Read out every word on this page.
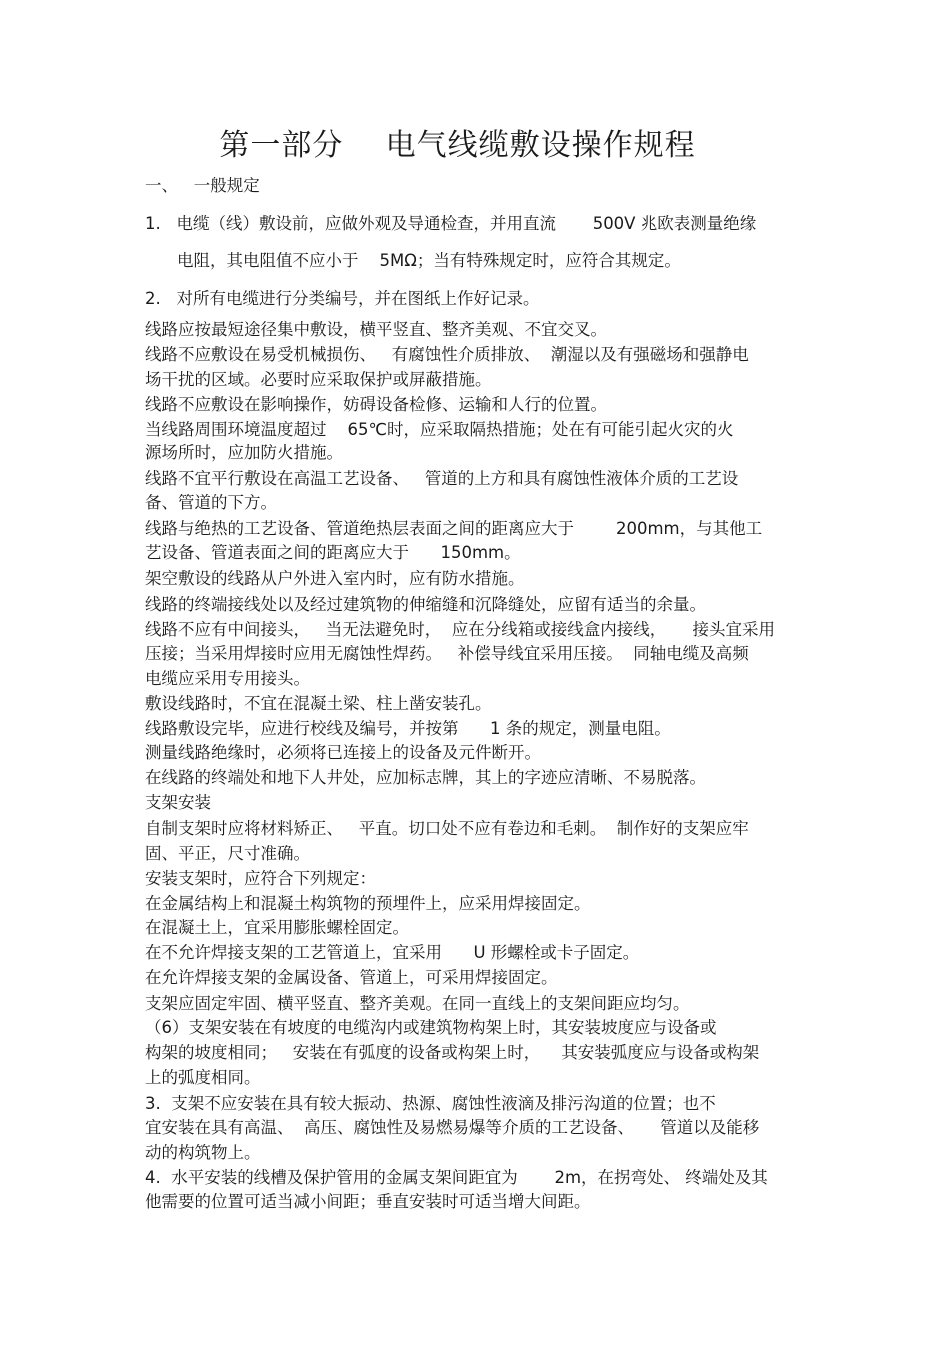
第一部分    电气线缆敷设操作规程
一、   一般规定
1.   电缆（线）敷设前，应做外观及导通检查，并用直流       500V 兆欧表测量绝缘
电阻，其电阻值不应小于    5MΩ；当有特殊规定时，应符合其规定。
2.   对所有电缆进行分类编号，并在图纸上作好记录。
线路应按最短途径集中敷设，横平竖直、整齐美观、不宜交叉。
线路不应敷设在易受机械损伤、   有腐蚀性介质排放、  潮湿以及有强磁场和强静电
场干扰的区域。必要时应采取保护或屏蔽措施。
线路不应敷设在影响操作，妨碍设备检修、运输和人行的位置。
当线路周围环境温度超过    65℃时，应采取隔热措施；处在有可能引起火灾的火
源场所时，应加防火措施。
线路不宜平行敷设在高温工艺设备、   管道的上方和具有腐蚀性液体介质的工艺设
备、管道的下方。
线路与绝热的工艺设备、管道绝热层表面之间的距离应大于        200mm，与其他工
艺设备、管道表面之间的距离应大于      150mm。
架空敷设的线路从户外进入室内时，应有防水措施。
线路的终端接线处以及经过建筑物的伸缩缝和沉降缝处，应留有适当的余量。
线路不应有中间接头，   当无法避免时，  应在分线箱或接线盒内接线，     接头宜采用
压接；当采用焊接时应用无腐蚀性焊药。   补偿导线宜采用压接。  同轴电缆及高频
电缆应采用专用接头。
敷设线路时，不宜在混凝土梁、柱上凿安装孔。
线路敷设完毕，应进行校线及编号，并按第      1 条的规定，测量电阻。
测量线路绝缘时，必须将已连接上的设备及元件断开。
在线路的终端处和地下人井处，应加标志牌，其上的字迹应清晰、不易脱落。
支架安装
自制支架时应将材料矫正、   平直。切口处不应有卷边和毛刺。  制作好的支架应牢
固、平正，尺寸准确。
安装支架时，应符合下列规定：
在金属结构上和混凝土构筑物的预埋件上，应采用焊接固定。
在混凝土上，宜采用膨胀螺栓固定。
在不允许焊接支架的工艺管道上，宜采用      U 形螺栓或卡子固定。
在允许焊接支架的金属设备、管道上，可采用焊接固定。
支架应固定牢固、横平竖直、整齐美观。在同一直线上的支架间距应均匀。
（6）支架安装在有坡度的电缆沟内或建筑物构架上时，其安装坡度应与设备或
构架的坡度相同；   安装在有弧度的设备或构架上时，    其安装弧度应与设备或构架
上的弧度相同。
3.  支架不应安装在具有较大振动、热源、腐蚀性液滴及排污沟道的位置；也不
宜安装在具有高温、  高压、腐蚀性及易燃易爆等介质的工艺设备、     管道以及能移
动的构筑物上。
4.  水平安装的线槽及保护管用的金属支架间距宜为       2m，在拐弯处、 终端处及其
他需要的位置可适当减小间距；垂直安装时可适当增大间距。
